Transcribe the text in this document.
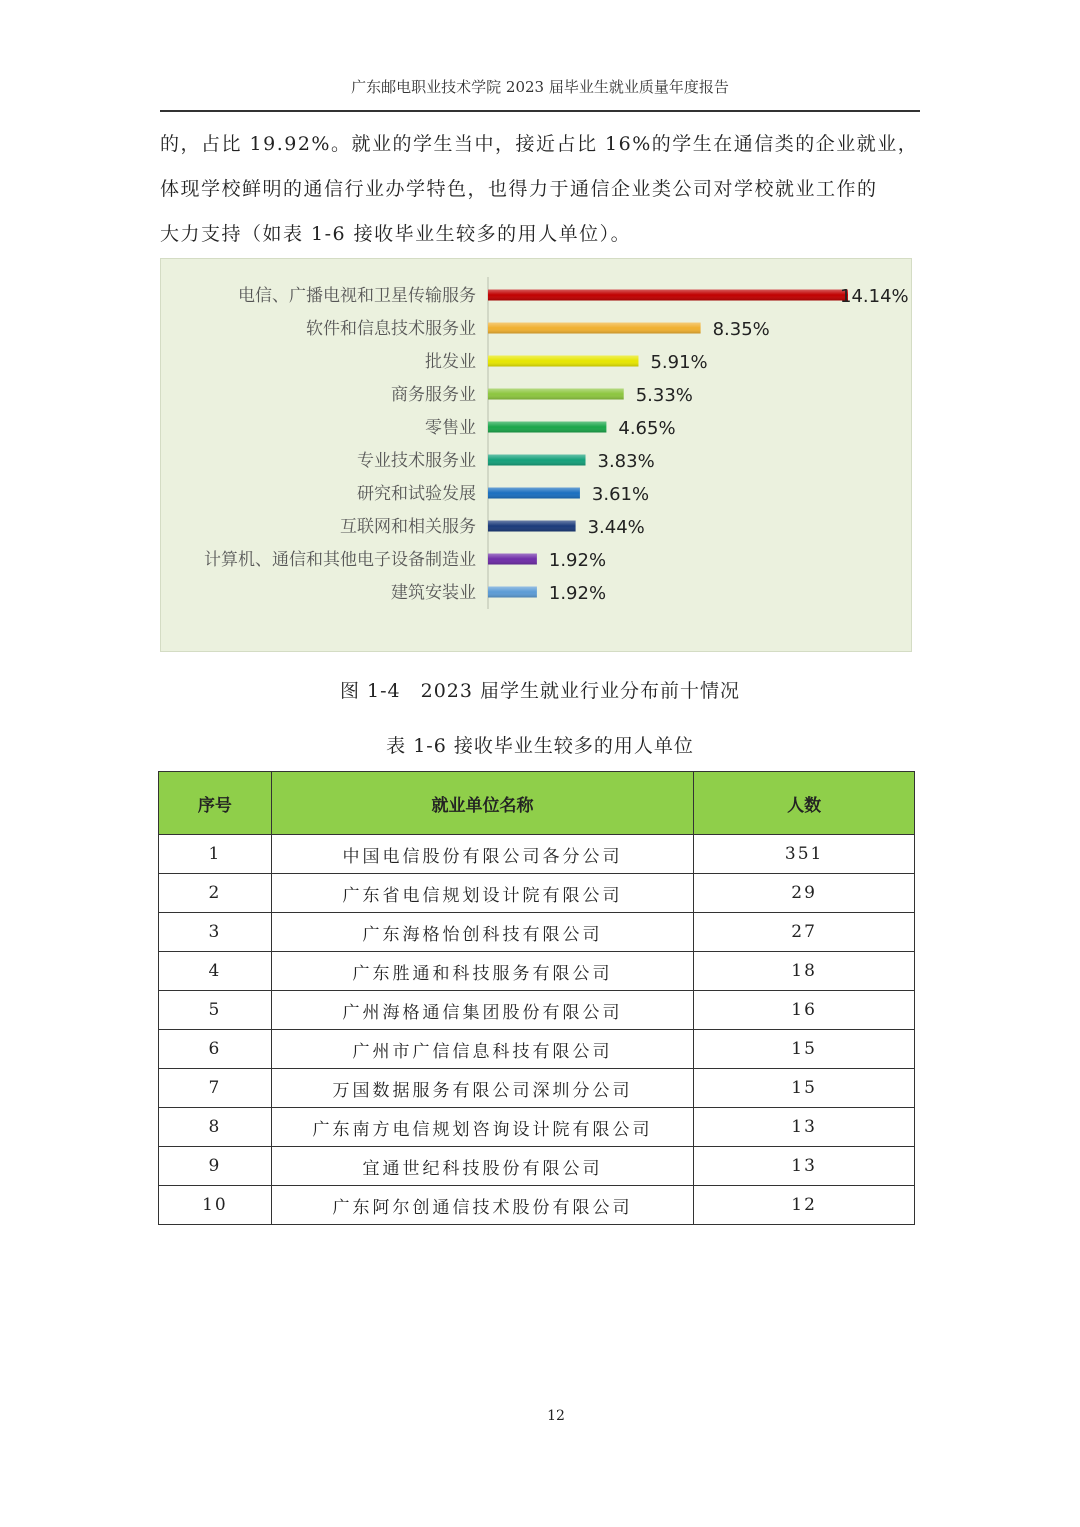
广东邮电职业技术学院 2023 届毕业生就业质量年度报告

的，占比 19.92%。就业的学生当中，接近占比 16%的学生在通信类的企业就业，

体现学校鲜明的通信行业办学特色，也得力于通信企业类公司对学校就业工作的

大力支持（如表 1-6 接收毕业生较多的用人单位）。

电信、广播电视和卫星传输服务	14.14%
软件和信息技术服务业	8.35%
批发业	5.91%
商务服务业	5.33%
零售业	4.65%
专业技术服务业	3.83%
研究和试验发展	3.61%
互联网和相关服务	3.44%
计算机、通信和其他电子设备制造业	1.92%
建筑安装业	1.92%
图 1-4　2023 届学生就业行业分布前十情况
表 1-6 接收毕业生较多的用人单位
序号	就业单位名称	人数
1	中国电信股份有限公司各分公司	351
2	广东省电信规划设计院有限公司	29
3	广东海格怡创科技有限公司	27
4	广东胜通和科技服务有限公司	18
5	广州海格通信集团股份有限公司	16
6	广州市广信信息科技有限公司	15
7	万国数据服务有限公司深圳分公司	15
8	广东南方电信规划咨询设计院有限公司	13
9	宜通世纪科技股份有限公司	13
10	广东阿尔创通信技术股份有限公司	12
12
